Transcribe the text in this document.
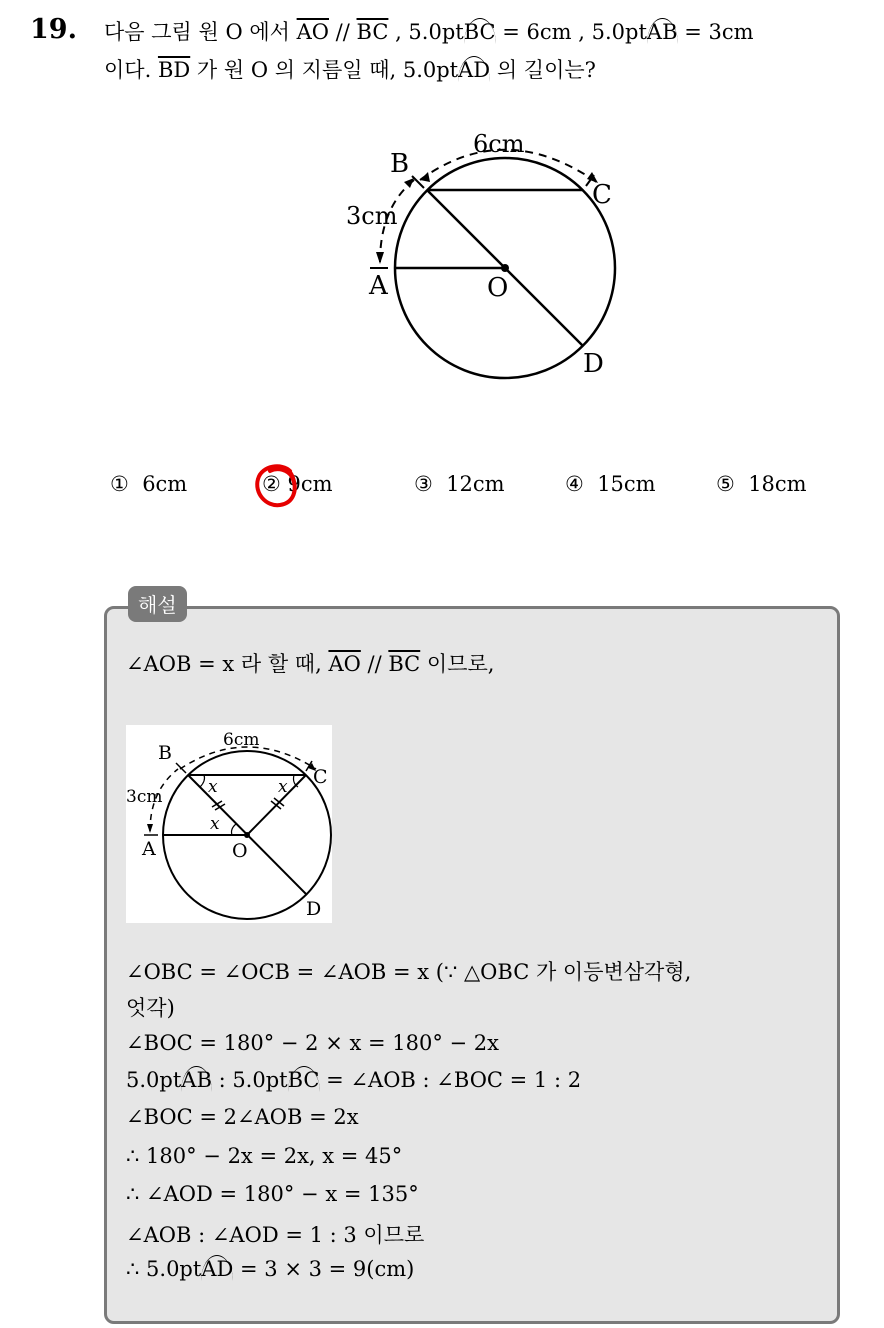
19. 다음 그림 원 O 에서 $\overline{AO} // \overline{BC}$ , 5.0ptBC = 6cm , 5.0ptAB = 3cm
이다. $\overline{BD}$ 가 원 O 의 지름일 때, 5.0ptAD 의 길이는?
B
C
A	O
D
6cm
3cm
① 6cm	② 9cm	③ 12cm	④ 15cm	⑤ 18cm
해설
∠AOB = x 라 할 때, $\overline{AO} // \overline{BC}$ 이므로,
B
C
A	O
D
6cm
3cm	x	x
x
∠OBC = ∠OCB = ∠AOB = x (∵ △OBC 가 이등변삼각형,
엇각)
∠BOC = 180° − 2 × x = 180° − 2x
5.0ptAB : 5.0ptBC = ∠AOB : ∠BOC = 1 : 2
∠BOC = 2∠AOB = 2x
∴ 180° − 2x = 2x, x = 45°
∴ ∠AOD = 180° − x = 135°
∠AOB : ∠AOD = 1 : 3 이므로
∴ 5.0ptAD = 3 × 3 = 9(cm)
